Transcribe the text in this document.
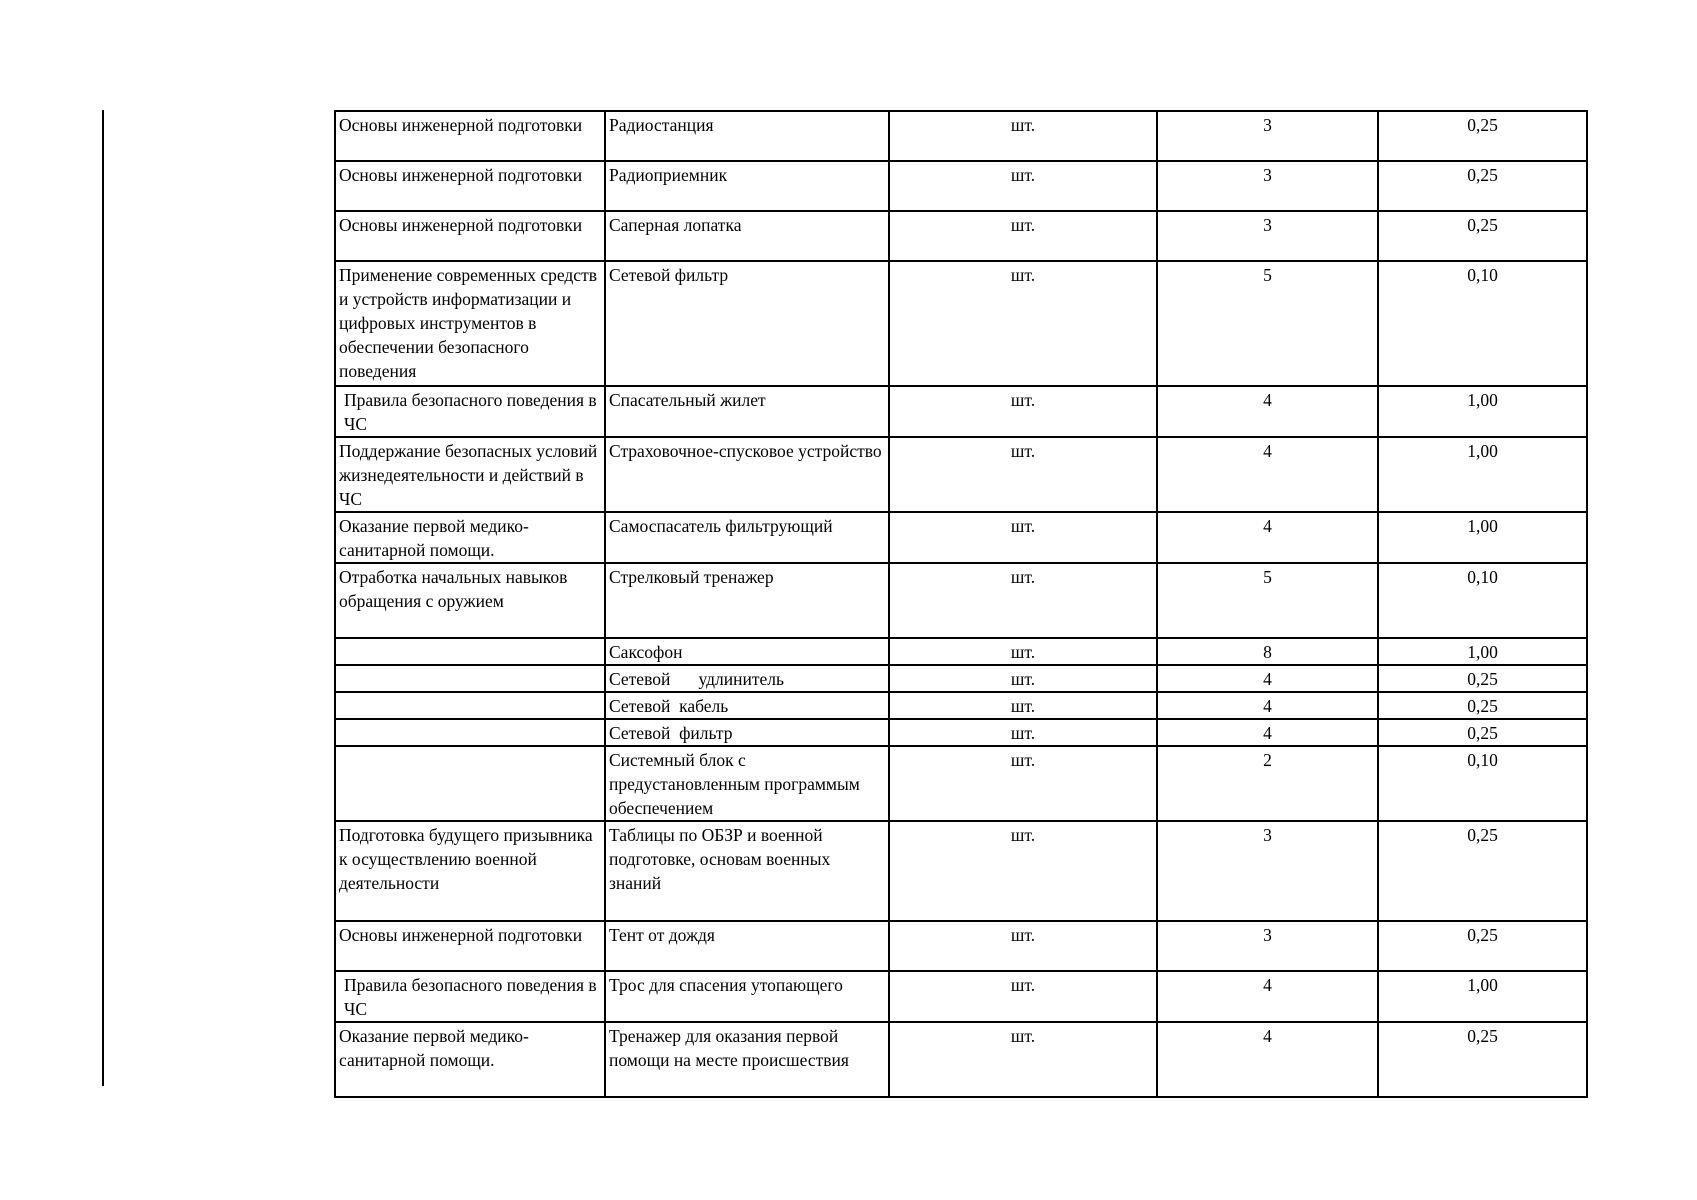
Основы инженерной подготовки	Радиостанция	шт.	3	0,25
Основы инженерной подготовки	Радиоприемник	шт.	3	0,25
Основы инженерной подготовки	Саперная лопатка	шт.	3	0,25
Применение современных средств и устройств информатизации и цифровых инструментов в обеспечении безопасного поведения	Сетевой фильтр	шт.	5	0,10
Правила безопасного поведения в ЧС	Спасательный жилет	шт.	4	1,00
Поддержание безопасных условий жизнедеятельности и действий в ЧС	Страховочное-спусковое устройство	шт.	4	1,00
Оказание первой медико-санитарной помощи.	Самоспасатель фильтрующий	шт.	4	1,00
Отработка начальных навыков обращения с оружием	Стрелковый тренажер	шт.	5	0,10
	Саксофон	шт.	8	1,00
	Сетевой   удлинитель	шт.	4	0,25
	Сетевой  кабель	шт.	4	0,25
	Сетевой  фильтр	шт.	4	0,25
	Системный блок с предустановленным программым обеспечением	шт.	2	0,10
Подготовка будущего призывника к осуществлению военной деятельности	Таблицы по ОБЗР и военной подготовке, основам военных знаний	шт.	3	0,25
Основы инженерной подготовки	Тент от дождя	шт.	3	0,25
Правила безопасного поведения в ЧС	Трос для спасения утопающего	шт.	4	1,00
Оказание первой медико-санитарной помощи.	Тренажер для оказания первой помощи на месте происшествия	шт.	4	0,25
